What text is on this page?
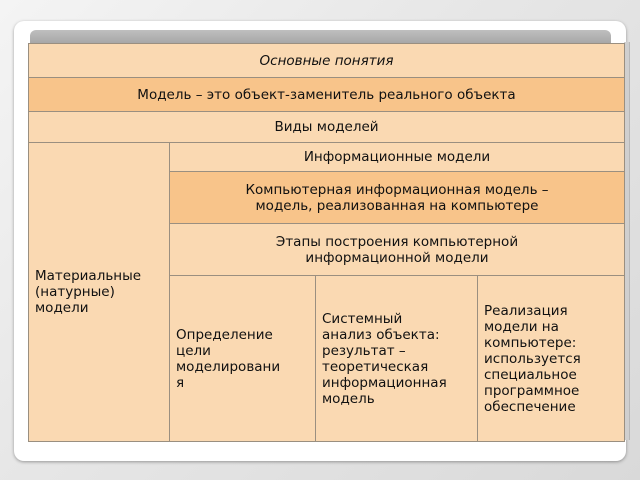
Основные понятия
Модель – это объект-заменитель реального объекта
Виды моделей
Материальные
(натурные)
модели
Информационные модели
Компьютерная информационная модель –
модель, реализованная на компьютере
Этапы построения компьютерной
информационной модели
Определение
цели
моделировани
я
Системный
анализ объекта:
результат –
теоретическая
информационная
модель
Реализация
модели на
компьютере:
используется
специальное
программное
обеспечение
